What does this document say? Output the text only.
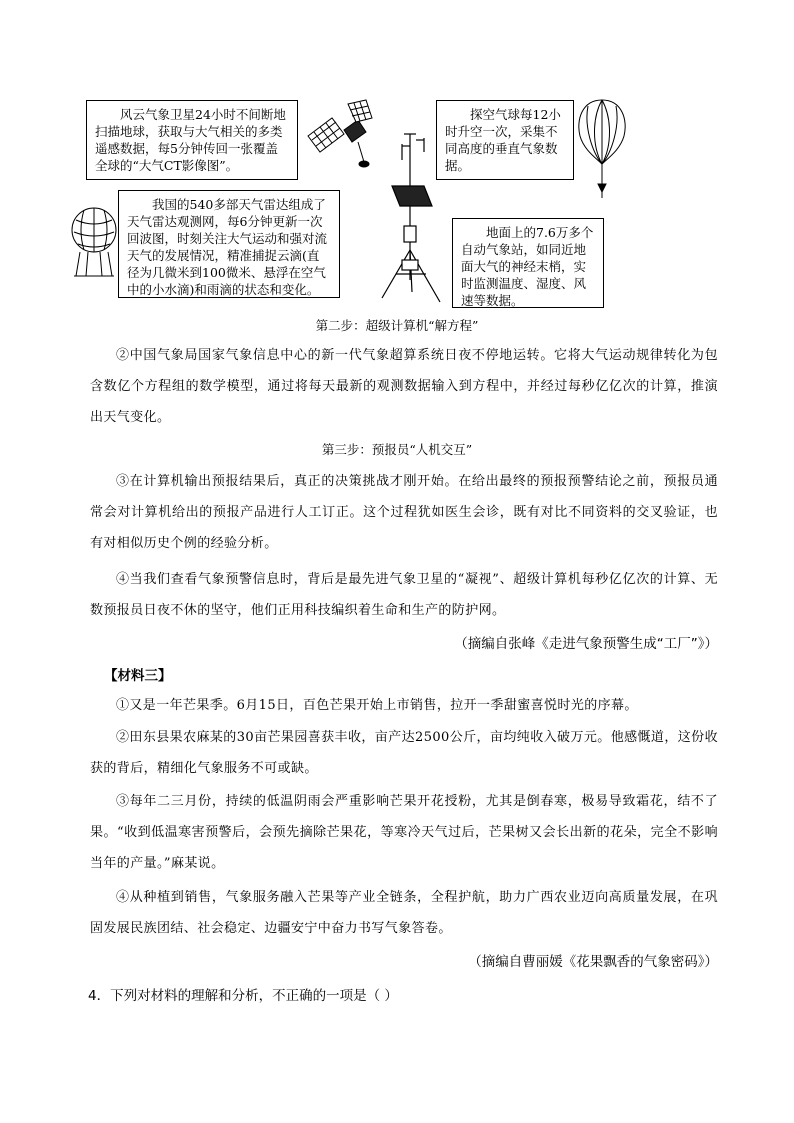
风云气象卫星24小时不间断地扫描地球，获取与大气相关的多类遥感数据，每5分钟传回一张覆盖全球的“大气CT影像图”。
我国的540多部天气雷达组成了天气雷达观测网，每6分钟更新一次回波图，时刻关注大气运动和强对流天气的发展情况，精准捕捉云滴(直径为几微米到100微米、悬浮在空气中的小水滴)和雨滴的状态和变化。
探空气球每12小时升空一次，采集不同高度的垂直气象数据。
地面上的7.6万多个自动气象站，如同近地面大气的神经末梢，实时监测温度、湿度、风速等数据。
第二步：超级计算机“解方程”
②中国气象局国家气象信息中心的新一代气象超算系统日夜不停地运转。它将大气运动规律转化为包含数亿个方程组的数学模型，通过将每天最新的观测数据输入到方程中，并经过每秒亿亿次的计算，推演出天气变化。
第三步：预报员“人机交互”
③在计算机输出预报结果后，真正的决策挑战才刚开始。在给出最终的预报预警结论之前，预报员通常会对计算机给出的预报产品进行人工订正。这个过程犹如医生会诊，既有对比不同资料的交叉验证，也有对相似历史个例的经验分析。
④当我们查看气象预警信息时，背后是最先进气象卫星的“凝视”、超级计算机每秒亿亿次的计算、无数预报员日夜不休的坚守，他们正用科技编织着生命和生产的防护网。
（摘编自张峰《走进气象预警生成“工厂”》）
【材料三】
①又是一年芒果季。6月15日，百色芒果开始上市销售，拉开一季甜蜜喜悦时光的序幕。
②田东县果农麻某的30亩芒果园喜获丰收，亩产达2500公斤，亩均纯收入破万元。他感慨道，这份收获的背后，精细化气象服务不可或缺。
③每年二三月份，持续的低温阴雨会严重影响芒果开花授粉，尤其是倒春寒，极易导致霜花，结不了果。“收到低温寒害预警后，会预先摘除芒果花，等寒冷天气过后，芒果树又会长出新的花朵，完全不影响当年的产量。”麻某说。
④从种植到销售，气象服务融入芒果等产业全链条，全程护航，助力广西农业迈向高质量发展，在巩固发展民族团结、社会稳定、边疆安宁中奋力书写气象答卷。
（摘编自曹丽媛《花果飘香的气象密码》）
4．下列对材料的理解和分析，不正确的一项是（ ）
